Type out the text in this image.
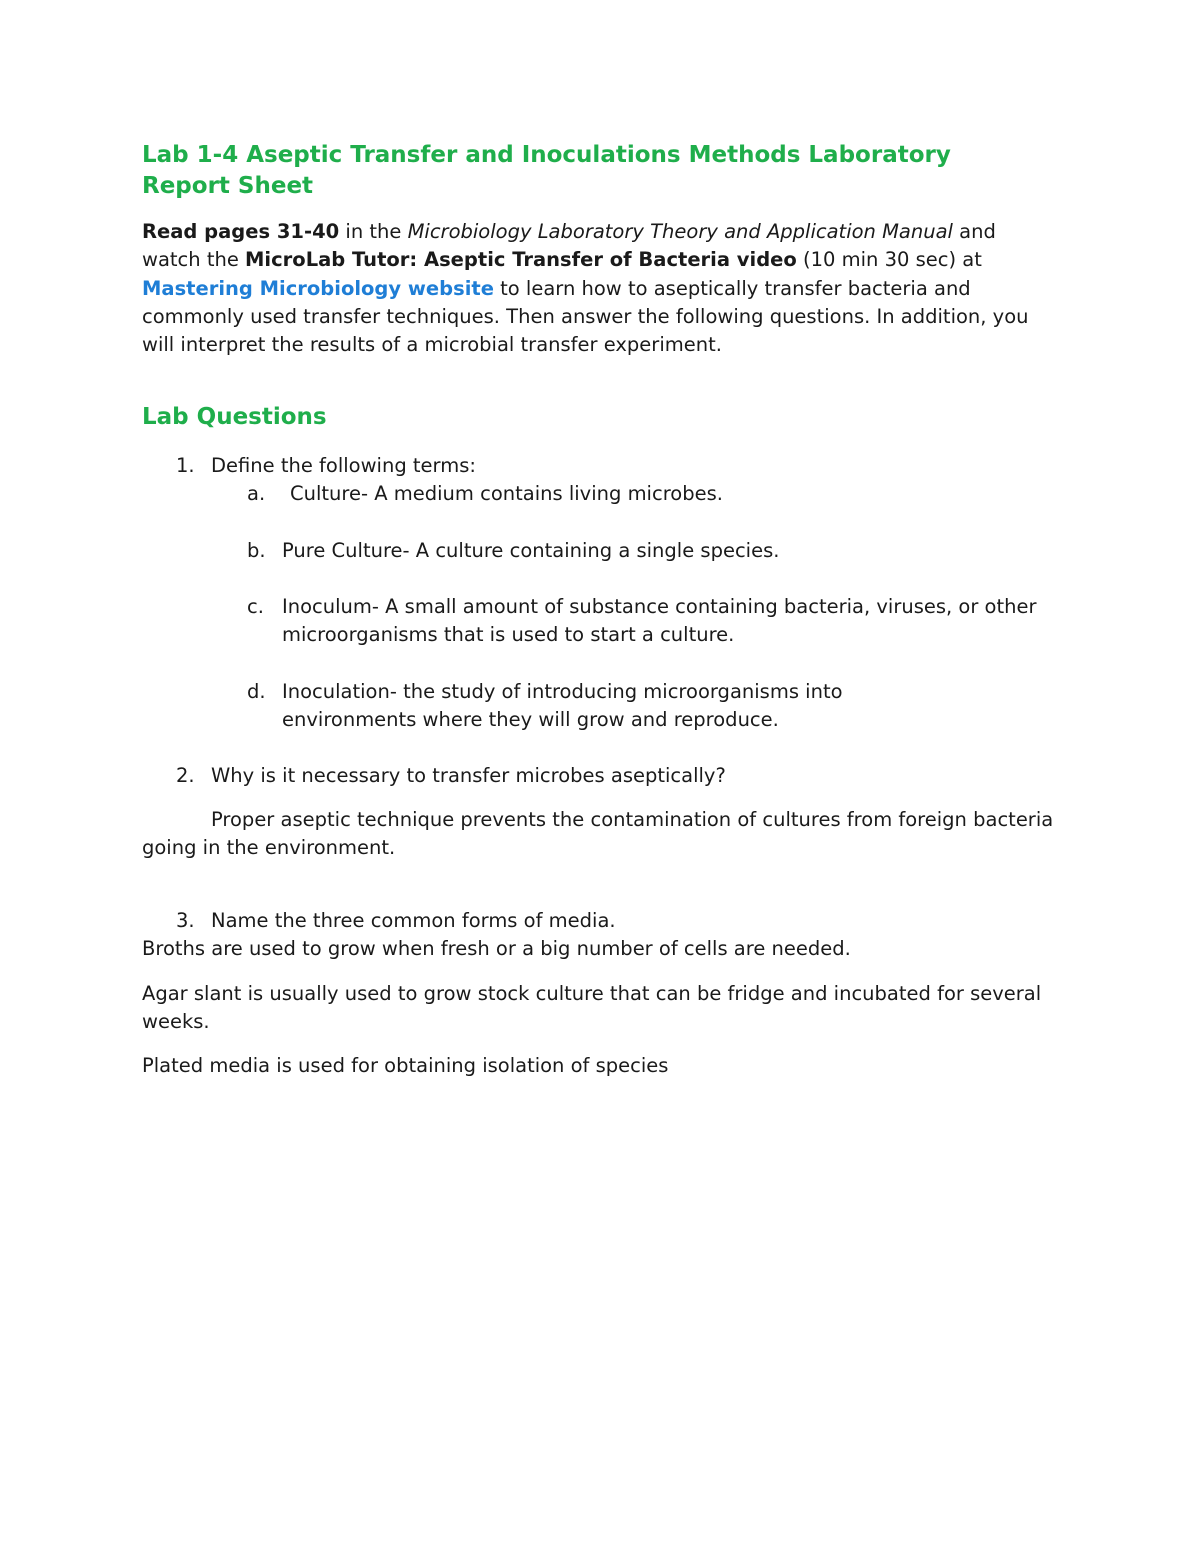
Lab 1-4 Aseptic Transfer and Inoculations Methods Laboratory Report Sheet

Read pages 31-40 in the Microbiology Laboratory Theory and Application Manual and watch the MicroLab Tutor: Aseptic Transfer of Bacteria video (10 min 30 sec) at Mastering Microbiology website to learn how to aseptically transfer bacteria and commonly used transfer techniques. Then answer the following questions. In addition, you will interpret the results of a microbial transfer experiment.

Lab Questions
1. Define the following terms:

a. Culture- A medium contains living microbes.

b. Pure Culture- A culture containing a single species.

c. Inoculum- A small amount of substance containing bacteria, viruses, or other microorganisms that is used to start a culture.

d. Inoculation- the study of introducing microorganisms into environments where they will grow and reproduce.

2. Why is it necessary to transfer microbes aseptically?

Proper aseptic technique prevents the contamination of cultures from foreign bacteria going in the environment.

3. Name the three common forms of media.

Broths are used to grow when fresh or a big number of cells are needed.

Agar slant is usually used to grow stock culture that can be fridge and incubated for several weeks.

Plated media is used for obtaining isolation of species
